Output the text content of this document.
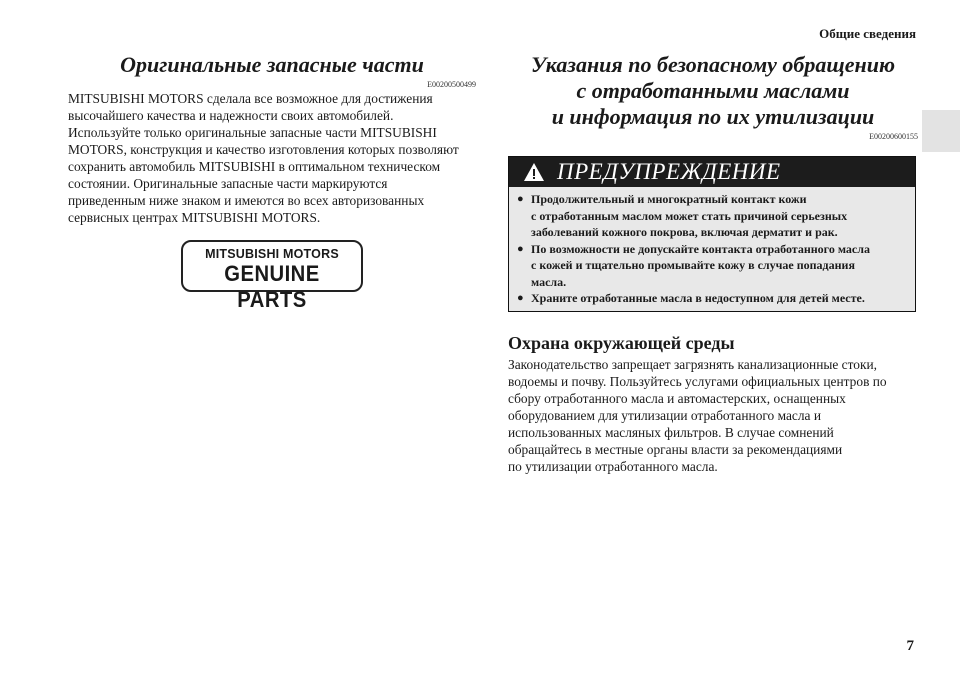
Общие сведения
Оригинальные запасные части
E00200500499

MITSUBISHI MOTORS сделала все возможное для достижения
высочайшего качества и надежности своих автомобилей.
Используйте только оригинальные запасные части MITSUBISHI
MOTORS, конструкция и качество изготовления которых позволяют
сохранить автомобиль MITSUBISHI в оптимальном техническом
состоянии. Оригинальные запасные части маркируются
приведенным ниже знаком и имеются во всех авторизованных
сервисных центрах MITSUBISHI MOTORS.

MITSUBISHI MOTORS
GENUINE PARTS
Указания по безопасному обращению
с отработанными маслами
и информация по их утилизации
E00200600155
ПРЕДУПРЕЖДЕНИЕ
● Продолжительный и многократный контакт кожи
с отработанным маслом может стать причиной серьезных
заболеваний кожного покрова, включая дерматит и рак.
● По возможности не допускайте контакта отработанного масла
с кожей и тщательно промывайте кожу в случае попадания
масла.
● Храните отработанные масла в недоступном для детей месте.
Охрана окружающей среды

Законодательство запрещает загрязнять канализационные стоки,
водоемы и почву. Пользуйтесь услугами официальных центров по
сбору отработанного масла и автомастерских, оснащенных
оборудованием для утилизации отработанного масла и
использованных масляных фильтров. В случае сомнений
обращайтесь в местные органы власти за рекомендациями
по утилизации отработанного масла.

7
